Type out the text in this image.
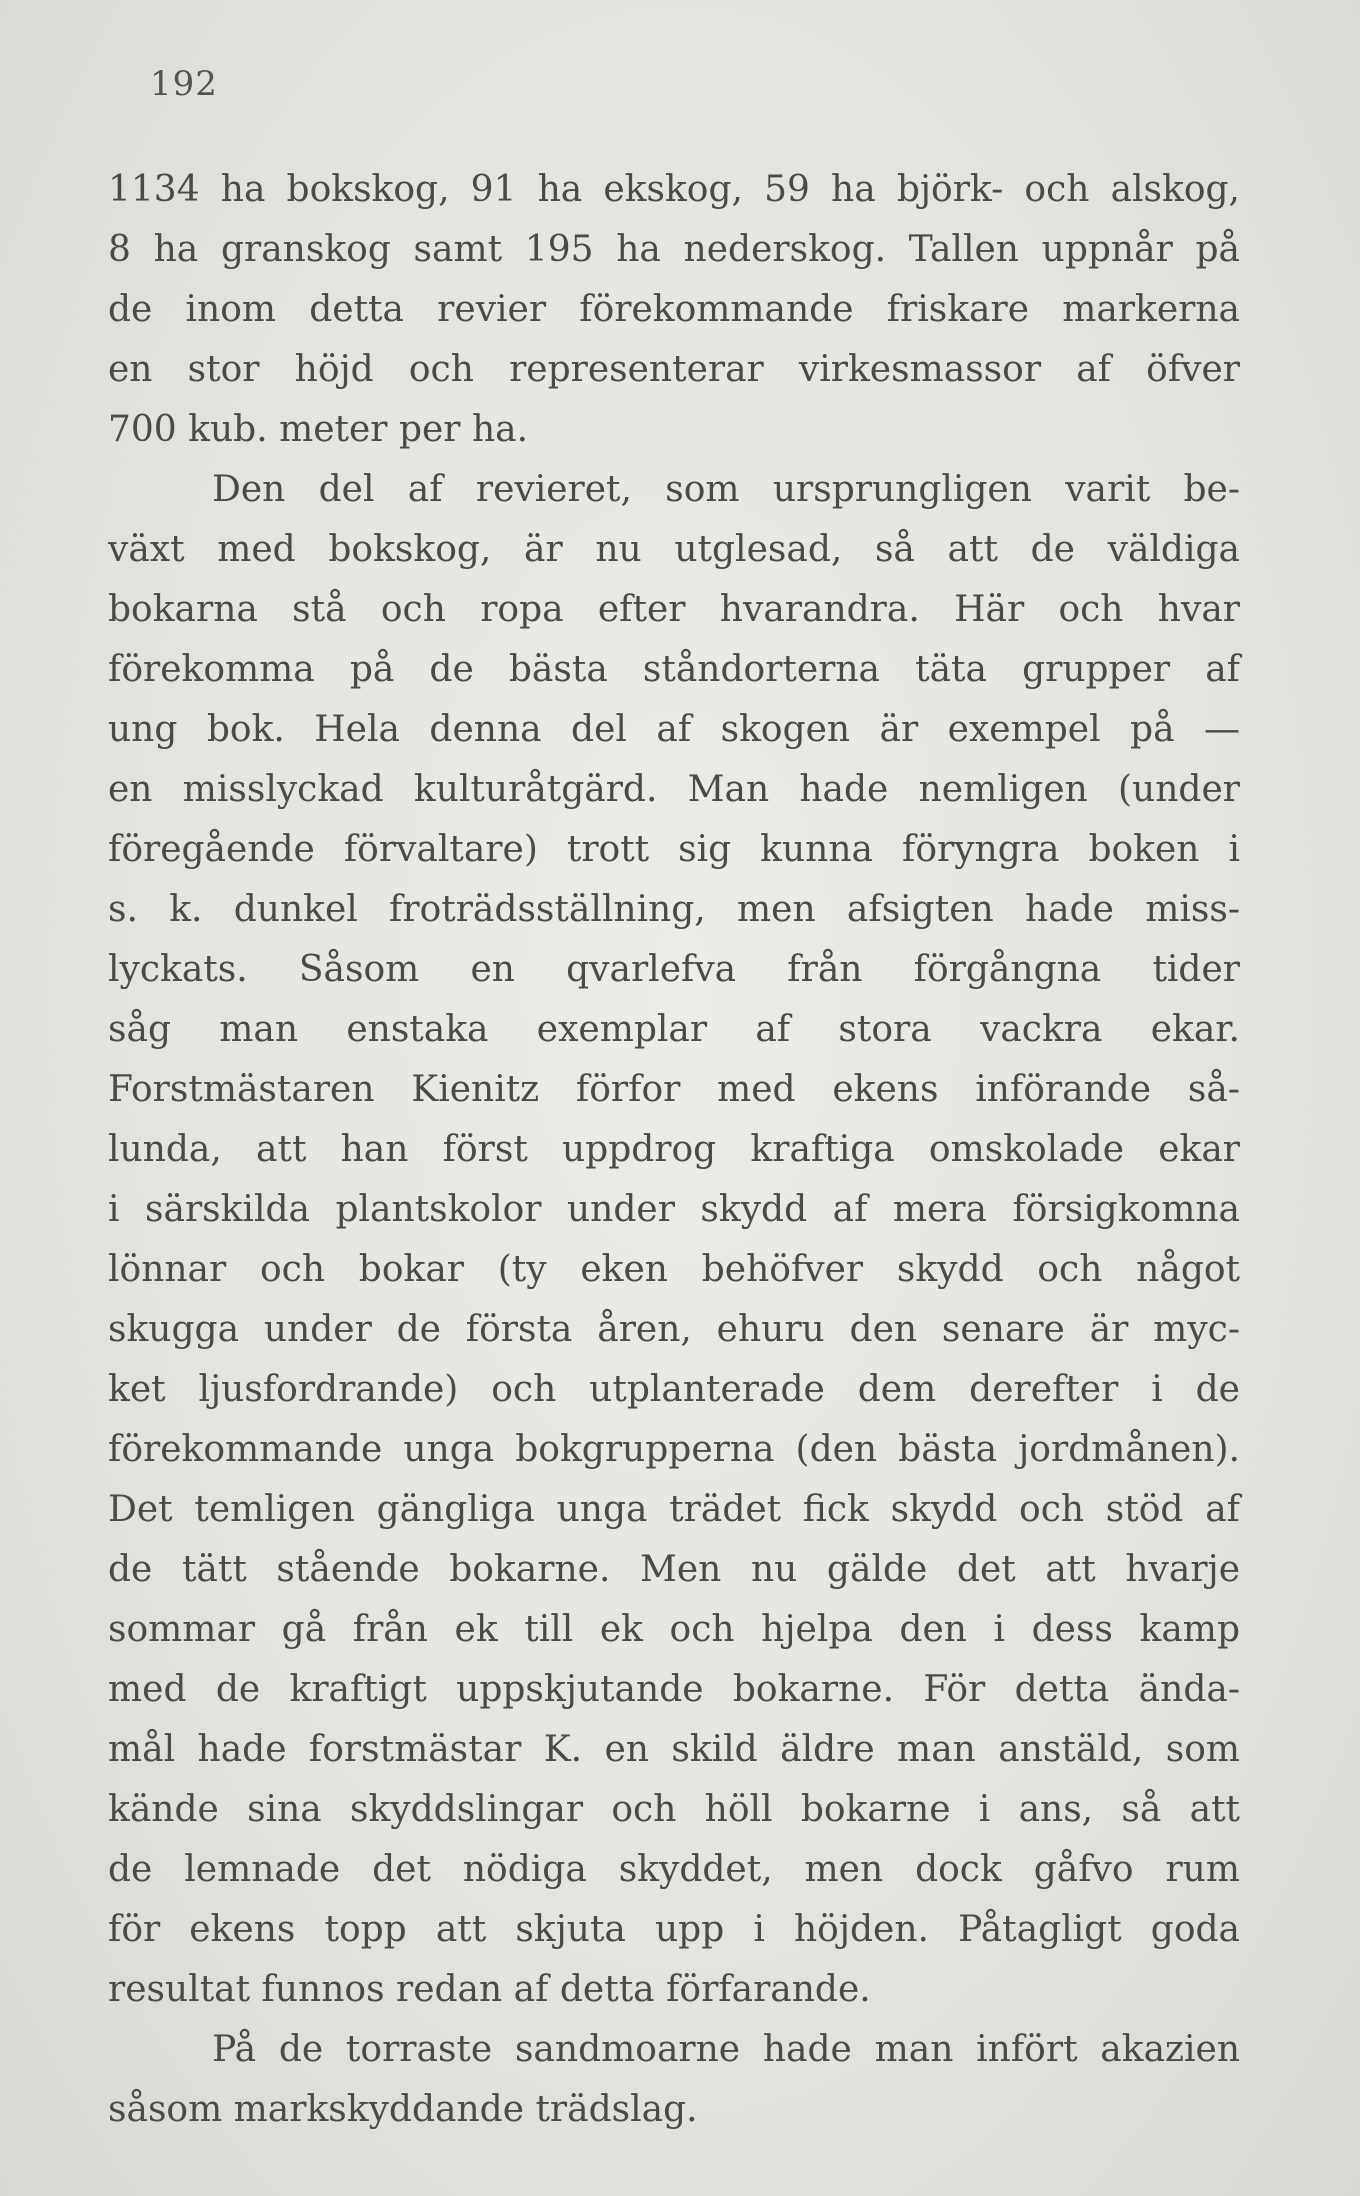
192
1134 ha bokskog, 91 ha ekskog, 59 ha björk- och alskog,
8 ha granskog samt 195 ha nederskog. Tallen uppnår på
de inom detta revier förekommande friskare markerna
en stor höjd och representerar virkesmassor af öfver
700 kub. meter per ha.
Den del af revieret, som ursprungligen varit be-
växt med bokskog, är nu utglesad, så att de väldiga
bokarna stå och ropa efter hvarandra. Här och hvar
förekomma på de bästa ståndorterna täta grupper af
ung bok. Hela denna del af skogen är exempel på —
en misslyckad kulturåtgärd. Man hade nemligen (under
föregående förvaltare) trott sig kunna föryngra boken i
s. k. dunkel froträdsställning, men afsigten hade miss-
lyckats. Såsom en qvarlefva från förgångna tider
såg man enstaka exemplar af stora vackra ekar.
Forstmästaren Kienitz förfor med ekens införande så-
lunda, att han först uppdrog kraftiga omskolade ekar
i särskilda plantskolor under skydd af mera försigkomna
lönnar och bokar (ty eken behöfver skydd och något
skugga under de första åren, ehuru den senare är myc-
ket ljusfordrande) och utplanterade dem derefter i de
förekommande unga bokgrupperna (den bästa jordmånen).
Det temligen gängliga unga trädet fick skydd och stöd af
de tätt stående bokarne. Men nu gälde det att hvarje
sommar gå från ek till ek och hjelpa den i dess kamp
med de kraftigt uppskjutande bokarne. För detta ända-
mål hade forstmästar K. en skild äldre man anstäld, som
kände sina skyddslingar och höll bokarne i ans, så att
de lemnade det nödiga skyddet, men dock gåfvo rum
för ekens topp att skjuta upp i höjden. Påtagligt goda
resultat funnos redan af detta förfarande.
På de torraste sandmoarne hade man infört akazien
såsom markskyddande trädslag.
